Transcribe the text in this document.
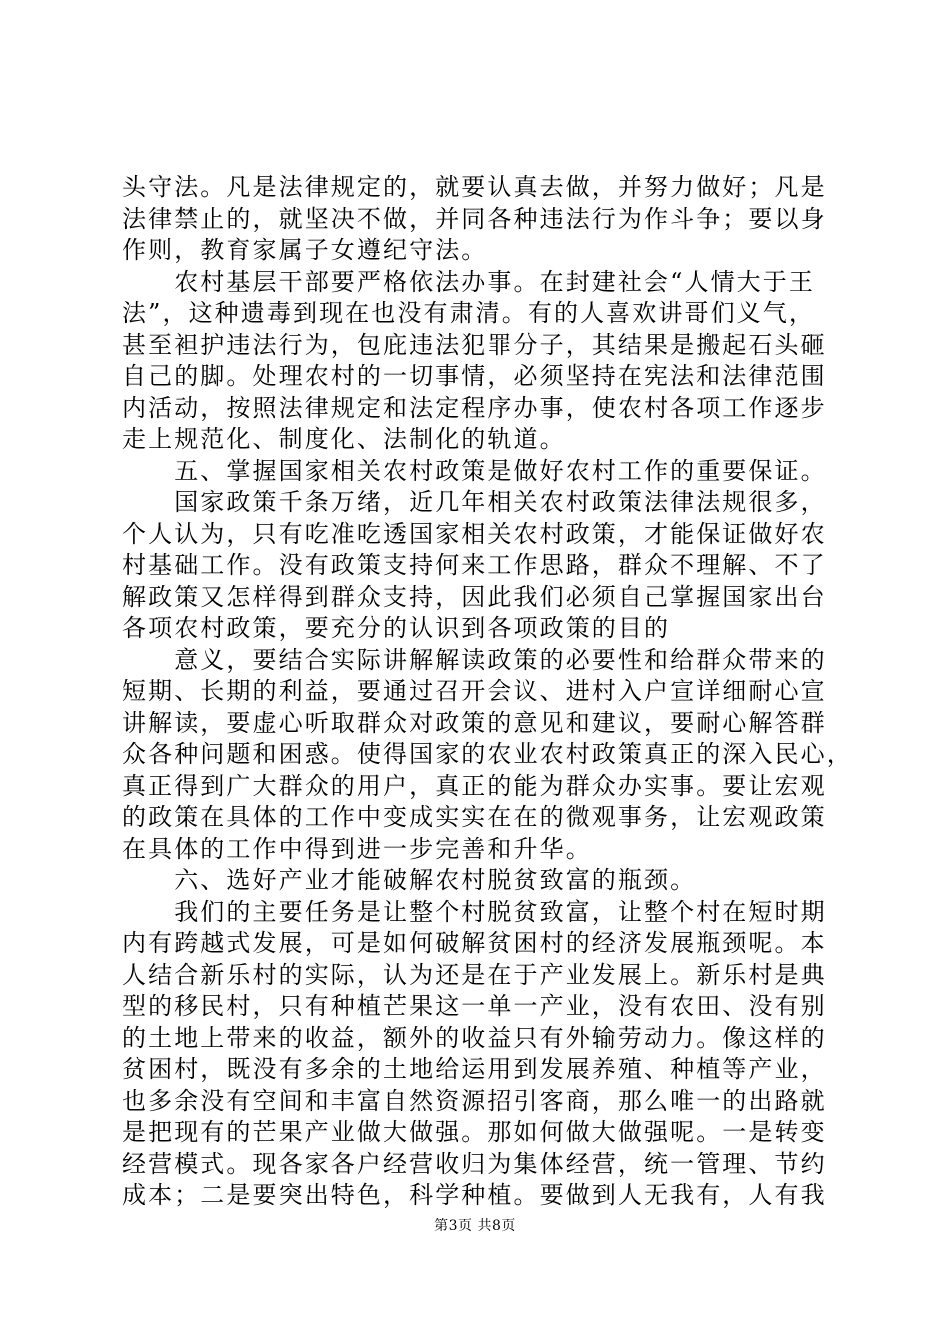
头守法。凡是法律规定的，就要认真去做，并努力做好；凡是
法律禁止的，就坚决不做，并同各种违法行为作斗争；要以身
作则，教育家属子女遵纪守法。
　　农村基层干部要严格依法办事。在封建社会“人情大于王
法”，这种遗毒到现在也没有肃清。有的人喜欢讲哥们义气，
甚至袒护违法行为，包庇违法犯罪分子，其结果是搬起石头砸
自己的脚。处理农村的一切事情，必须坚持在宪法和法律范围
内活动，按照法律规定和法定程序办事，使农村各项工作逐步
走上规范化、制度化、法制化的轨道。
　　五、掌握国家相关农村政策是做好农村工作的重要保证。
　　国家政策千条万绪，近几年相关农村政策法律法规很多，
个人认为，只有吃准吃透国家相关农村政策，才能保证做好农
村基础工作。没有政策支持何来工作思路，群众不理解、不了
解政策又怎样得到群众支持，因此我们必须自己掌握国家出台
各项农村政策，要充分的认识到各项政策的目的
　　意义，要结合实际讲解解读政策的必要性和给群众带来的
短期、长期的利益，要通过召开会议、进村入户宣详细耐心宣
讲解读，要虚心听取群众对政策的意见和建议，要耐心解答群
众各种问题和困惑。使得国家的农业农村政策真正的深入民心，
真正得到广大群众的用户，真正的能为群众办实事。要让宏观
的政策在具体的工作中变成实实在在的微观事务，让宏观政策
在具体的工作中得到进一步完善和升华。
　　六、选好产业才能破解农村脱贫致富的瓶颈。
　　我们的主要任务是让整个村脱贫致富，让整个村在短时期
内有跨越式发展，可是如何破解贫困村的经济发展瓶颈呢。本
人结合新乐村的实际，认为还是在于产业发展上。新乐村是典
型的移民村，只有种植芒果这一单一产业，没有农田、没有别
的土地上带来的收益，额外的收益只有外输劳动力。像这样的
贫困村，既没有多余的土地给运用到发展养殖、种植等产业，
也多余没有空间和丰富自然资源招引客商，那么唯一的出路就
是把现有的芒果产业做大做强。那如何做大做强呢。一是转变
经营模式。现各家各户经营收归为集体经营，统一管理、节约
成本；二是要突出特色，科学种植。要做到人无我有，人有我
第3页 共8页
